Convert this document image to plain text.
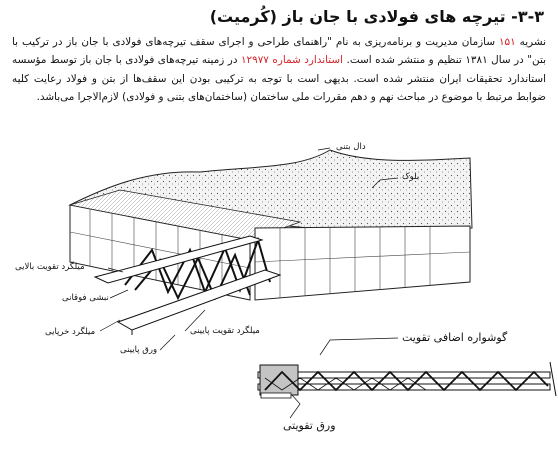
۳-۳- تیرچه های فولادی با جان باز (کُرمیت)
نشریه ۱۵۱ سازمان مدیریت و برنامه‌ریزی به نام "راهنمای طراحی و اجرای سقف تیرچه‌های فولادی با جان باز در ترکیب با بتن" در سال ۱۳۸۱ تنظیم و منتشر شده است. استاندارد شماره ۱۲۹۷۷ در زمینه تیرچه‌های فولادی با جان باز توسط مؤسسه استاندارد تحقیقات ایران منتشر شده است. بدیهی است با توجه به ترکیبی بودن این سقف‌ها از بتن و فولاد رعایت کلیه ضوابط مرتبط با موضوع در مباحث نهم و دهم مقررات ملی ساختمان (ساختمان‌های بتنی و فولادی) لازم‌الاجرا می‌باشد.
دال بتنی
بلوک
میلگرد تقویت بالایی
نبشی فوقانی
میلگرد خرپایی	میلگرد تقویت پایینی
ورق پایینی
گوشواره اضافی تقویت
ورق تقویتی
